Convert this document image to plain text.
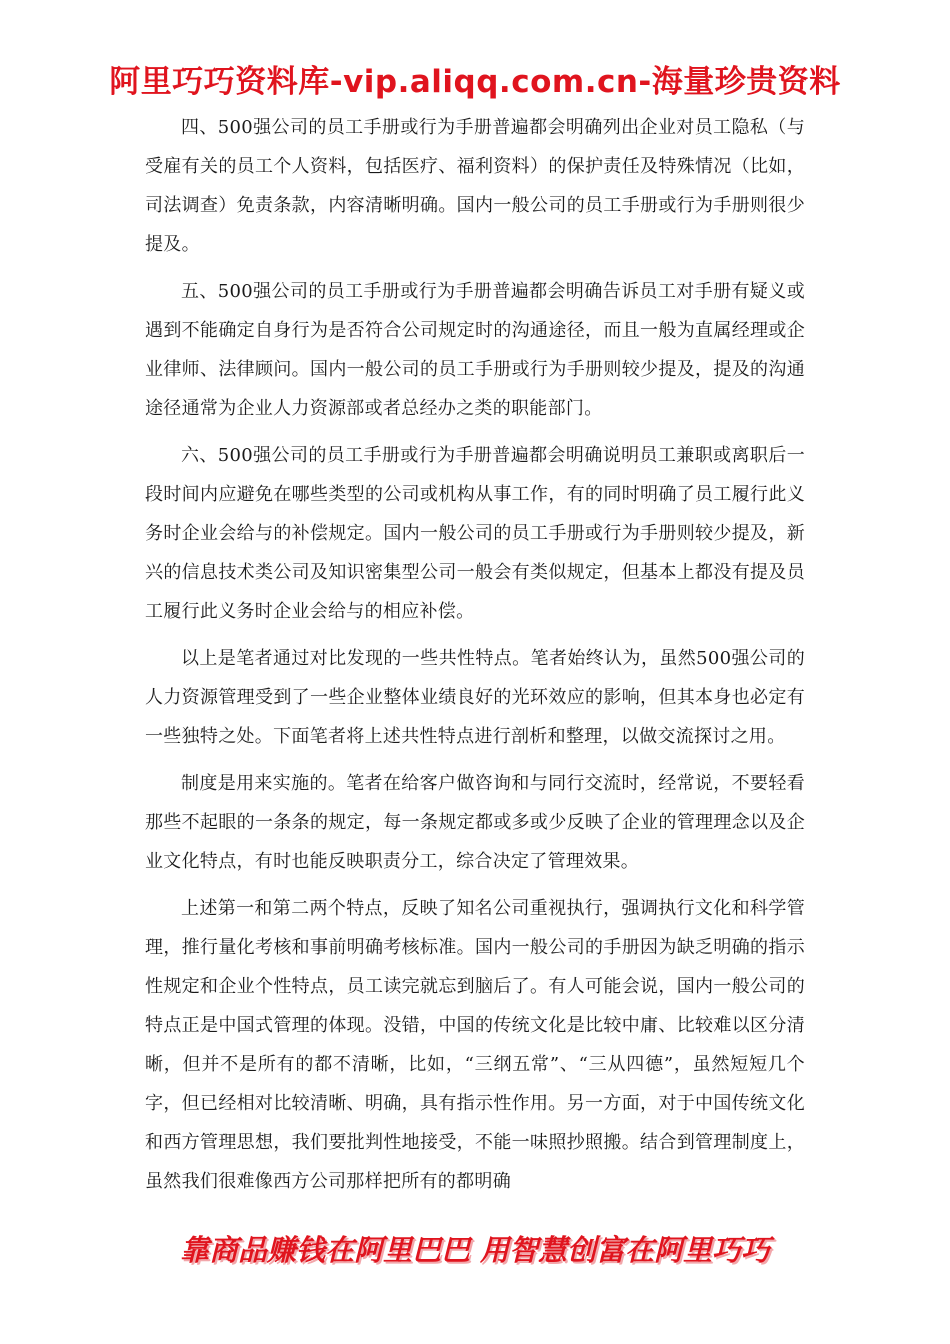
阿里巧巧资料库-vip.aliqq.com.cn-海量珍贵资料

四、500强公司的员工手册或行为手册普遍都会明确列出企业对员工隐私（与受雇有关的员工个人资料，包括医疗、福利资料）的保护责任及特殊情况（比如，司法调查）免责条款，内容清晰明确。国内一般公司的员工手册或行为手册则很少提及。

五、500强公司的员工手册或行为手册普遍都会明确告诉员工对手册有疑义或遇到不能确定自身行为是否符合公司规定时的沟通途径，而且一般为直属经理或企业律师、法律顾问。国内一般公司的员工手册或行为手册则较少提及，提及的沟通途径通常为企业人力资源部或者总经办之类的职能部门。

六、500强公司的员工手册或行为手册普遍都会明确说明员工兼职或离职后一段时间内应避免在哪些类型的公司或机构从事工作，有的同时明确了员工履行此义务时企业会给与的补偿规定。国内一般公司的员工手册或行为手册则较少提及，新兴的信息技术类公司及知识密集型公司一般会有类似规定，但基本上都没有提及员工履行此义务时企业会给与的相应补偿。

以上是笔者通过对比发现的一些共性特点。笔者始终认为，虽然500强公司的人力资源管理受到了一些企业整体业绩良好的光环效应的影响，但其本身也必定有一些独特之处。下面笔者将上述共性特点进行剖析和整理，以做交流探讨之用。

制度是用来实施的。笔者在给客户做咨询和与同行交流时，经常说，不要轻看那些不起眼的一条条的规定，每一条规定都或多或少反映了企业的管理理念以及企业文化特点，有时也能反映职责分工，综合决定了管理效果。

上述第一和第二两个特点，反映了知名公司重视执行，强调执行文化和科学管理，推行量化考核和事前明确考核标准。国内一般公司的手册因为缺乏明确的指示性规定和企业个性特点，员工读完就忘到脑后了。有人可能会说，国内一般公司的特点正是中国式管理的体现。没错，中国的传统文化是比较中庸、比较难以区分清晰，但并不是所有的都不清晰，比如，“三纲五常”、“三从四德”，虽然短短几个字，但已经相对比较清晰、明确，具有指示性作用。另一方面，对于中国传统文化和西方管理思想，我们要批判性地接受，不能一味照抄照搬。结合到管理制度上，虽然我们很难像西方公司那样把所有的都明确

靠商品赚钱在阿里巴巴 用智慧创富在阿里巧巧
